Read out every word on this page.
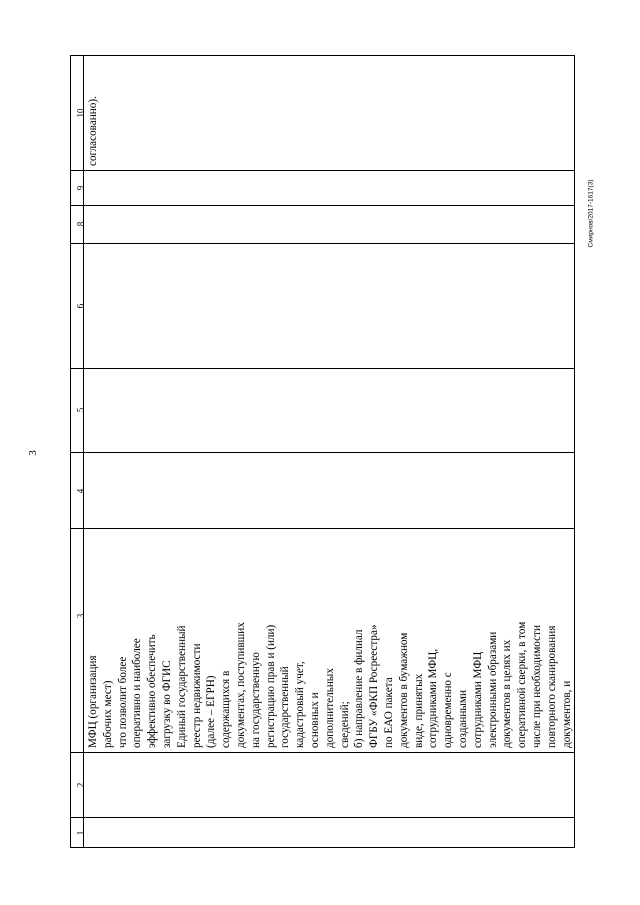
3
Смирнов/2017-1617(3)
10
9
8
6
5
4
3
2
1
согласованно).
МФЦ (организация рабочих мест) что позволит более оперативно и наиболее эффективно обеспечить загрузку во ФГИС Единый государственный реестр недвижимости (далее – ЕГРН) содержащихся в документах, поступивших на государственную регистрацию прав и (или) государственный кадастровый учет, основных и дополнительных сведений; б) направление в филиал ФГБУ «ФКП Росреестра» по ЕАО пакета документов в бумажном виде, принятых сотрудниками МФЦ, одновременно с созданными сотрудниками МФЦ электронными образами документов в целях их оперативной сверки, в том числе при необходимости повторного сканирования документов, и
